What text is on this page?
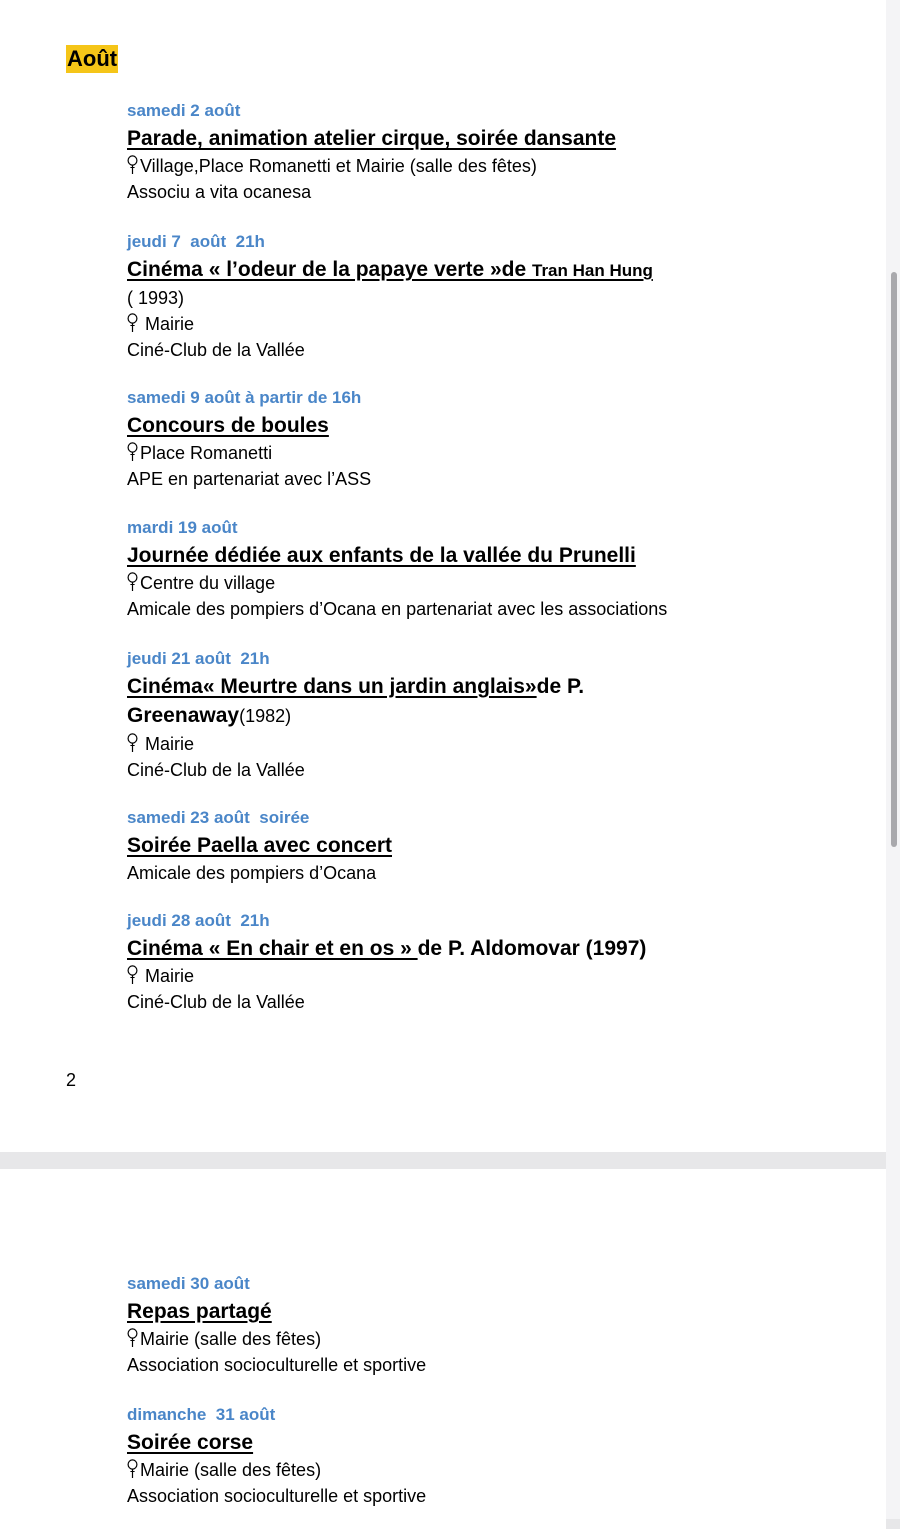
Août

samedi 2 août

Parade, animation atelier cirque, soirée dansante

Village,Place Romanetti et Mairie (salle des fêtes)

Associu a vita ocanesa

jeudi 7  août  21h

Cinéma « l’odeur de la papaye verte »de Tran Han Hung

( 1993)

Mairie

Ciné-Club de la Vallée

samedi 9 août à partir de 16h

Concours de boules

Place Romanetti

APE en partenariat avec l’ASS

mardi 19 août

Journée dédiée aux enfants de la vallée du Prunelli

Centre du village

Amicale des pompiers d’Ocana en partenariat avec les associations

jeudi 21 août  21h

Cinéma« Meurtre dans un jardin anglais»de P. Greenaway(1982)

Mairie

Ciné-Club de la Vallée

samedi 23 août  soirée

Soirée Paella avec concert

Amicale des pompiers d’Ocana

jeudi 28 août  21h

Cinéma « En chair et en os » de P. Aldomovar (1997)

Mairie

Ciné-Club de la Vallée

2

samedi 30 août

Repas partagé

Mairie (salle des fêtes)

Association socioculturelle et sportive

dimanche  31 août

Soirée corse

Mairie (salle des fêtes)

Association socioculturelle et sportive
